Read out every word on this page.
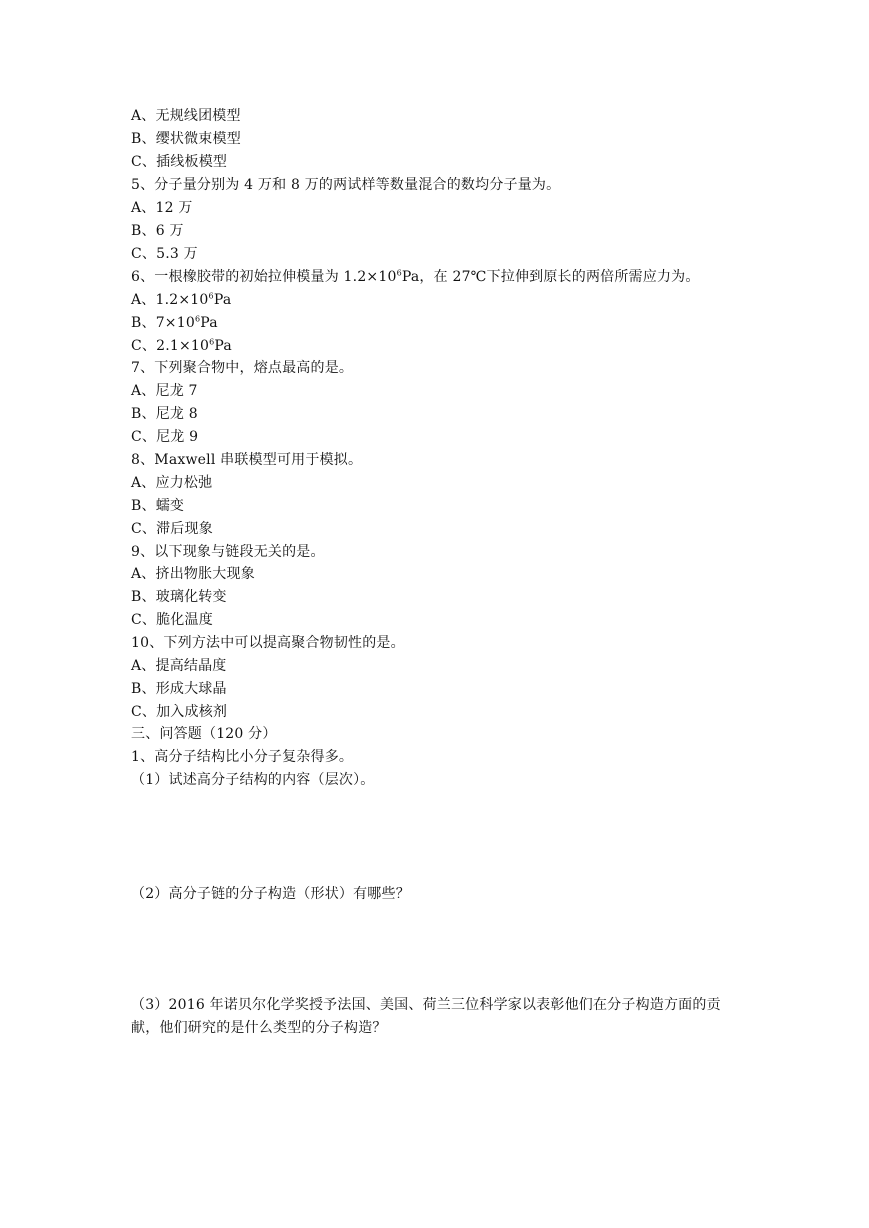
A、无规线团模型
B、缨状微束模型
C、插线板模型
5、分子量分别为 4 万和 8 万的两试样等数量混合的数均分子量为。
A、12 万
B、6 万
C、5.3 万
6、一根橡胶带的初始拉伸模量为 $1.2\times 10^6Pa$，在 27℃下拉伸到原长的两倍所需应力为。
A、$1.2\times 10^6Pa$
B、$7\times 10^6Pa$
C、$2.1\times 10^6Pa$
7、下列聚合物中，熔点最高的是。
A、尼龙 7
B、尼龙 8
C、尼龙 9
8、Maxwell 串联模型可用于模拟。
A、应力松弛
B、蠕变
C、滞后现象
9、以下现象与链段无关的是。
A、挤出物胀大现象
B、玻璃化转变
C、脆化温度
10、下列方法中可以提高聚合物韧性的是。
A、提高结晶度
B、形成大球晶
C、加入成核剂
三、问答题（120 分）
1、高分子结构比小分子复杂得多。
（1）试述高分子结构的内容（层次）。
（2）高分子链的分子构造（形状）有哪些？
（3）2016 年诺贝尔化学奖授予法国、美国、荷兰三位科学家以表彰他们在分子构造方面的贡献，他们研究的是什么类型的分子构造？
